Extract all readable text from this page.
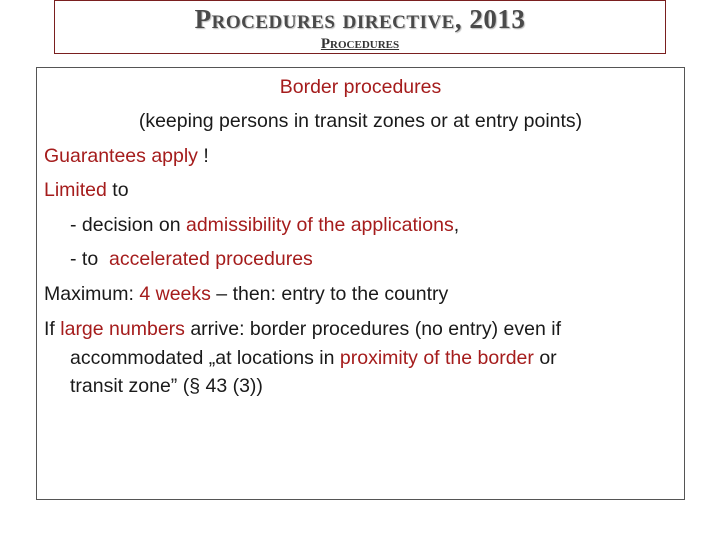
Procedures directive, 2013
Procedures
Border procedures
(keeping persons in transit zones or at entry points)
Guarantees apply !
Limited to
- decision on admissibility of the applications,
- to  accelerated procedures
Maximum: 4 weeks – then: entry to the country
If large numbers arrive: border procedures (no entry) even if
accommodated „at locations in proximity of the border or
transit zone” (§ 43 (3))
